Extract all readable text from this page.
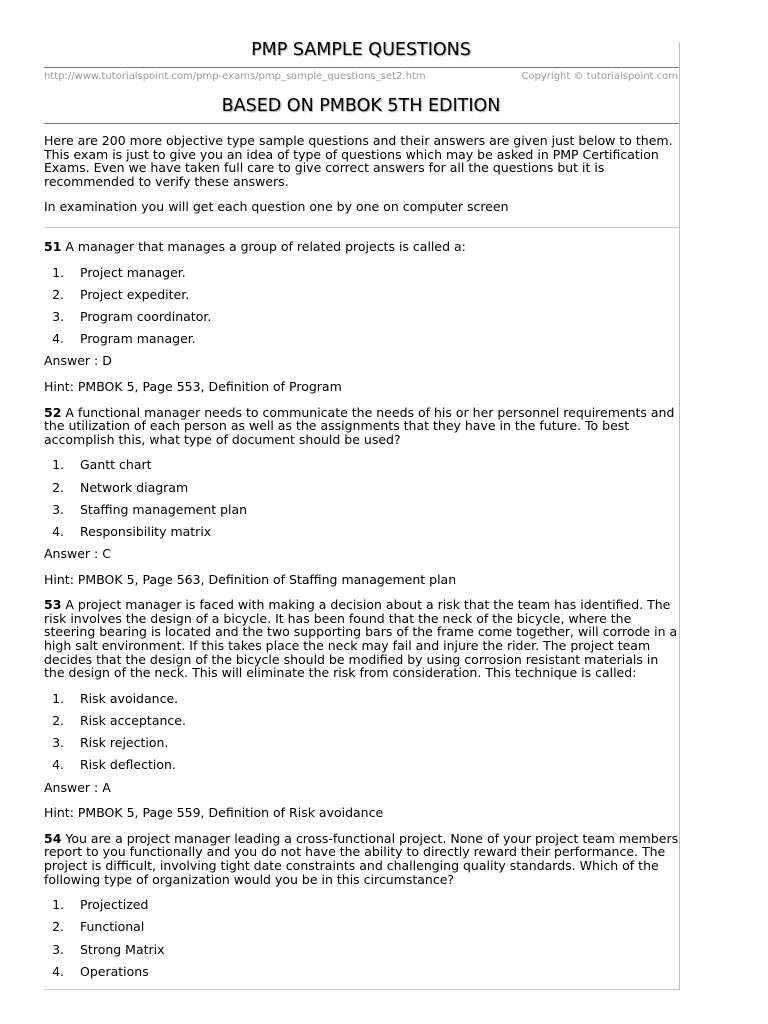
PMP SAMPLE QUESTIONS
http://www.tutorialspoint.com/pmp-exams/pmp_sample_questions_set2.htm	Copyright © tutorialspoint.com
BASED ON PMBOK 5TH EDITION

Here are 200 more objective type sample questions and their answers are given just below to them. This exam is just to give you an idea of type of questions which may be asked in PMP Certification Exams. Even we have taken full care to give correct answers for all the questions but it is recommended to verify these answers.

In examination you will get each question one by one on computer screen

51 A manager that manages a group of related projects is called a:

1. Project manager.
2. Project expediter.
3. Program coordinator.
4. Program manager.

Answer : D

Hint: PMBOK 5, Page 553, Definition of Program

52 A functional manager needs to communicate the needs of his or her personnel requirements and the utilization of each person as well as the assignments that they have in the future. To best accomplish this, what type of document should be used?

1. Gantt chart
2. Network diagram
3. Staffing management plan
4. Responsibility matrix

Answer : C

Hint: PMBOK 5, Page 563, Definition of Staffing management plan

53 A project manager is faced with making a decision about a risk that the team has identified. The risk involves the design of a bicycle. It has been found that the neck of the bicycle, where the steering bearing is located and the two supporting bars of the frame come together, will corrode in a high salt environment. If this takes place the neck may fail and injure the rider. The project team decides that the design of the bicycle should be modified by using corrosion resistant materials in the design of the neck. This will eliminate the risk from consideration. This technique is called:

1. Risk avoidance.
2. Risk acceptance.
3. Risk rejection.
4. Risk deflection.

Answer : A

Hint: PMBOK 5, Page 559, Definition of Risk avoidance

54 You are a project manager leading a cross-functional project. None of your project team members report to you functionally and you do not have the ability to directly reward their performance. The project is difficult, involving tight date constraints and challenging quality standards. Which of the following type of organization would you be in this circumstance?

1. Projectized
2. Functional
3. Strong Matrix
4. Operations
